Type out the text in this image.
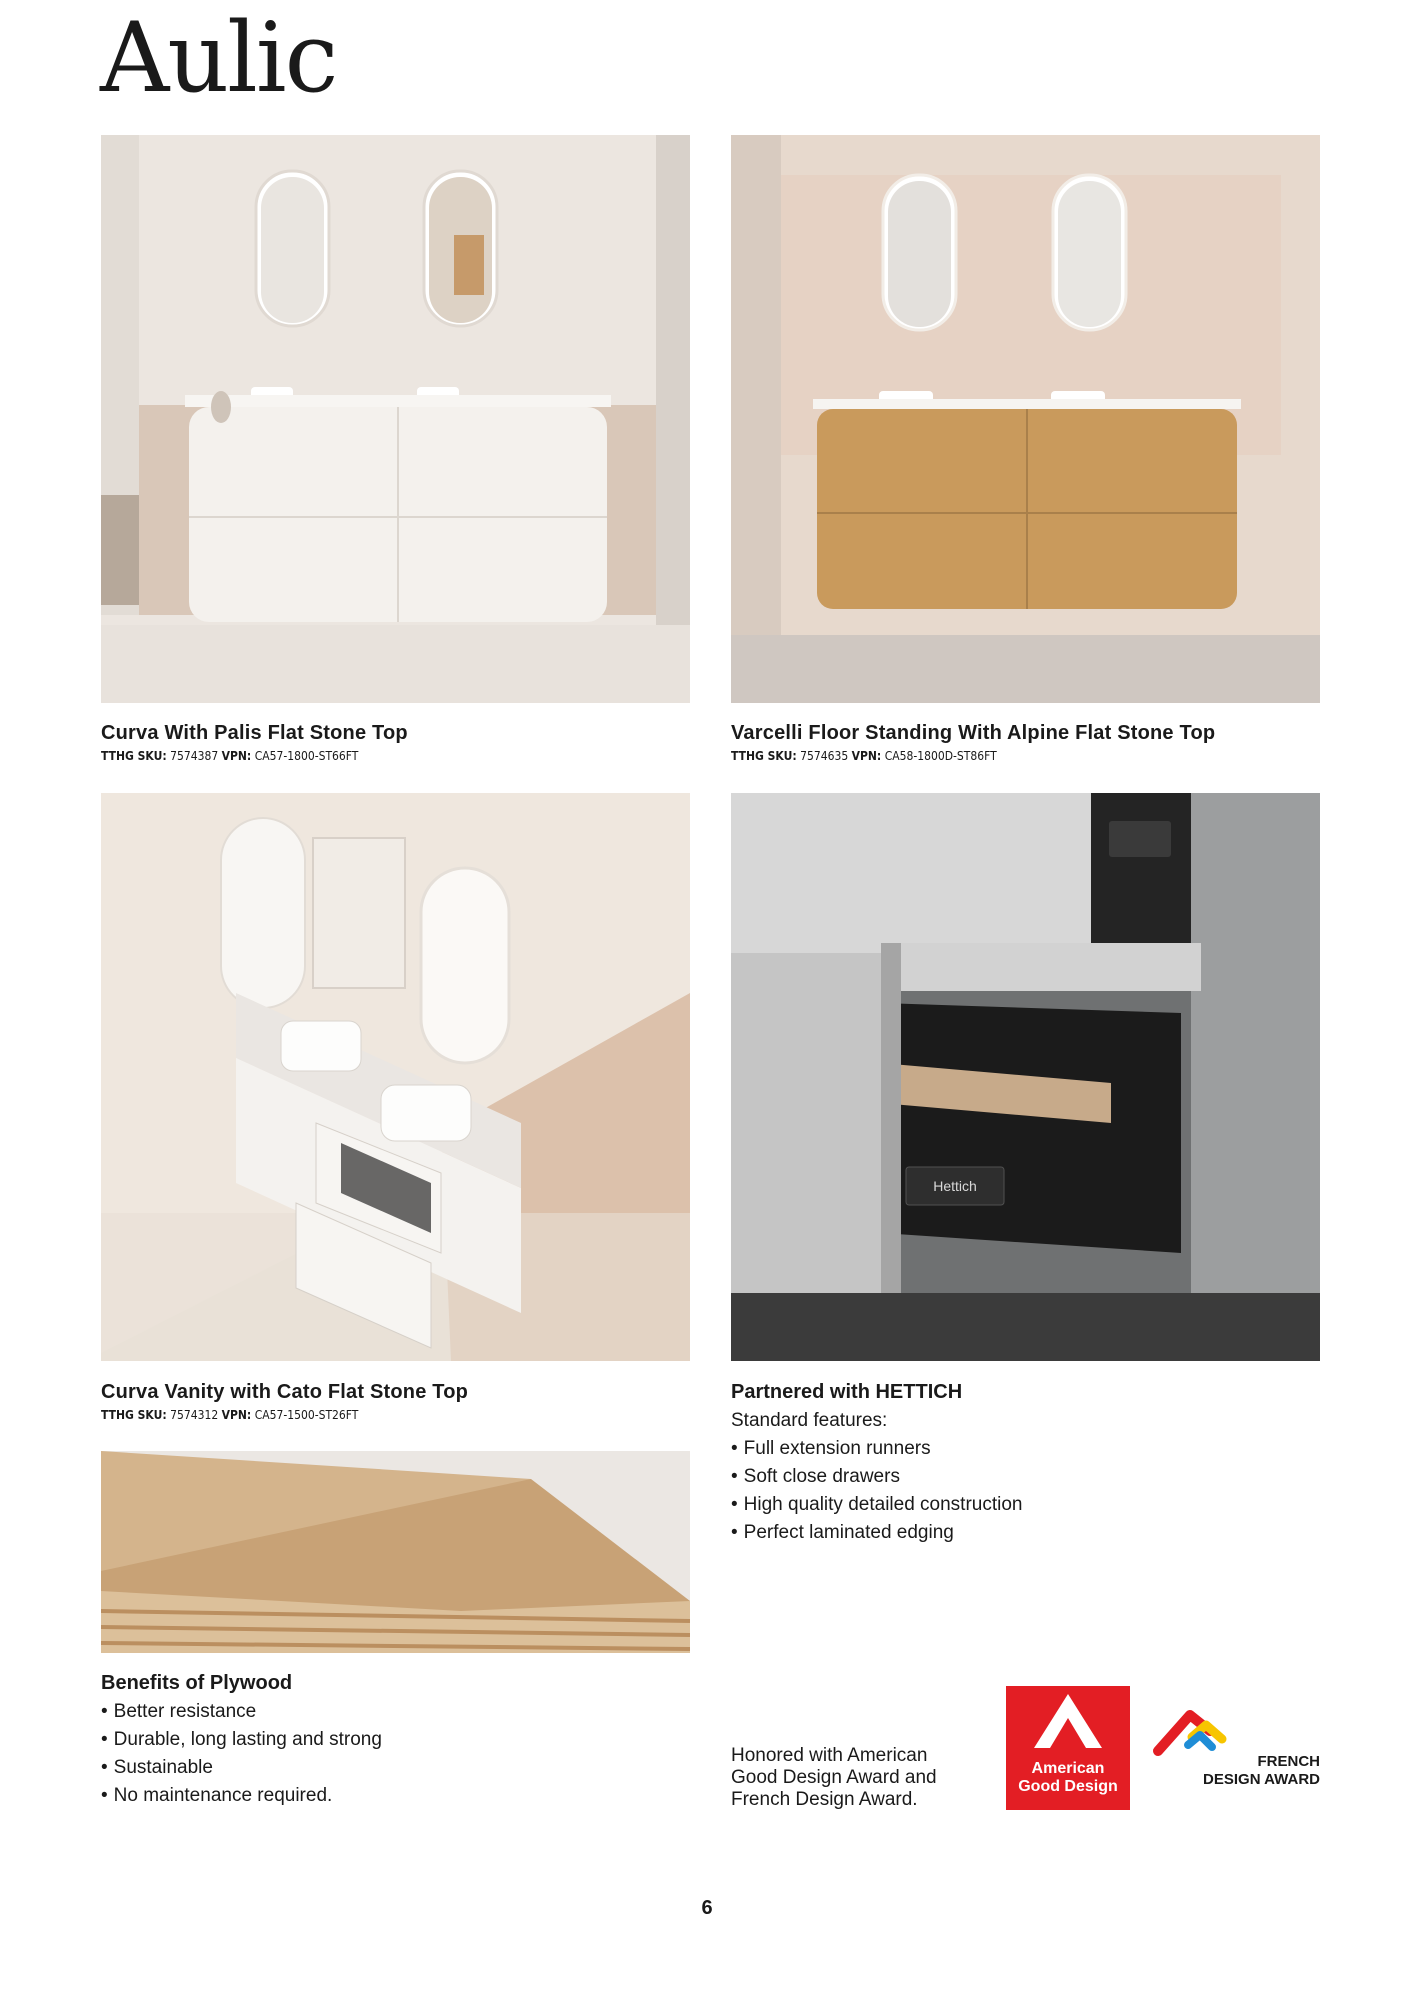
Aulic

Curva With Palis Flat Stone Top

TTHG SKU: 7574387 VPN: CA57-1800-ST66FT

Varcelli Floor Standing With Alpine Flat Stone Top

TTHG SKU: 7574635 VPN: CA58-1800D-ST86FT
Hettich

Curva Vanity with Cato Flat Stone Top

TTHG SKU: 7574312 VPN: CA57-1500-ST26FT

Partnered with HETTICH

Standard features:

• Full extension runners
• Soft close drawers
• High quality detailed construction
• Perfect laminated edging

Benefits of Plywood

• Better resistance
• Durable, long lasting and strong
• Sustainable
• No maintenance required.
Honored with American Good Design Award and French Design Award.
American
Good Design
FRENCH
DESIGN AWARD
6
